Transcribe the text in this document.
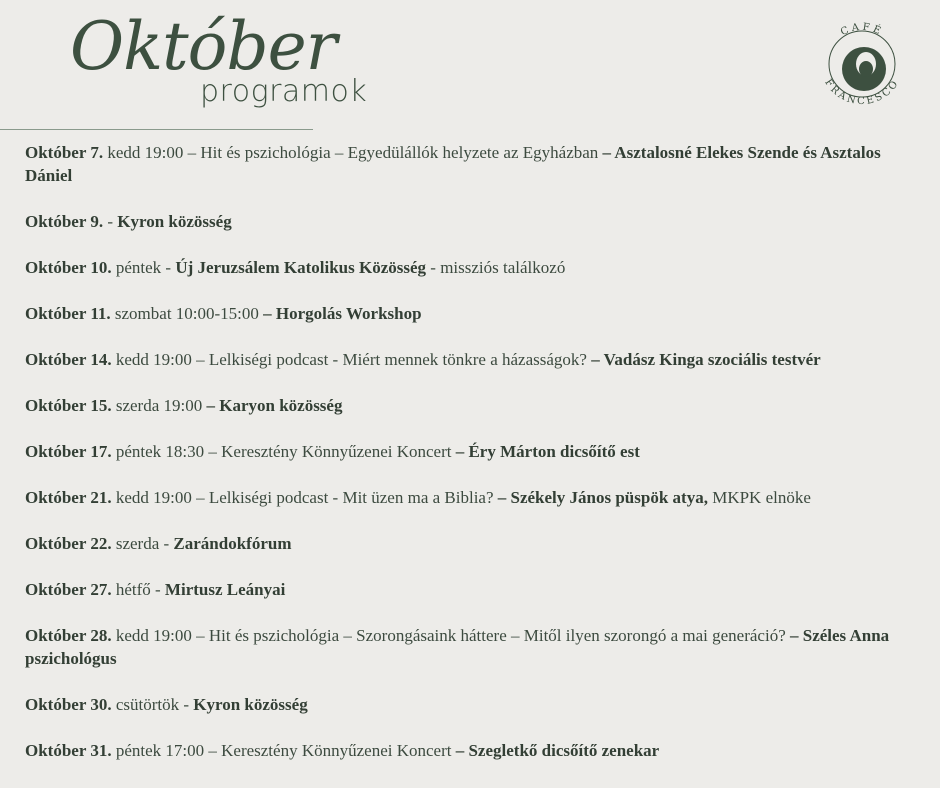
Október
programok
CAFÉ
FRANCESCO
Október 7. kedd 19:00 – Hit és pszichológia – Egyedülállók helyzete az Egyházban – Asztalosné Elekes Szende és Asztalos Dániel
Október 9. - Kyron közösség
Október 10. péntek - Új Jeruzsálem Katolikus Közösség - missziós találkozó
Október 11. szombat 10:00-15:00 – Horgolás Workshop
Október 14. kedd 19:00 – Lelkiségi podcast - Miért mennek tönkre a házasságok? – Vadász Kinga szociális testvér
Október 15. szerda 19:00 – Karyon közösség
Október 17. péntek 18:30 – Keresztény Könnyűzenei Koncert – Éry Márton dicsőítő est
Október 21. kedd 19:00 – Lelkiségi podcast - Mit üzen ma a Biblia? – Székely János püspök atya, MKPK elnöke
Október 22. szerda - Zarándokfórum
Október 27. hétfő - Mirtusz Leányai
Október 28. kedd 19:00 – Hit és pszichológia – Szorongásaink háttere – Mitől ilyen szorongó a mai generáció? – Széles Anna pszichológus
Október 30. csütörtök - Kyron közösség
Október 31. péntek 17:00 – Keresztény Könnyűzenei Koncert – Szegletkő dicsőítő zenekar
